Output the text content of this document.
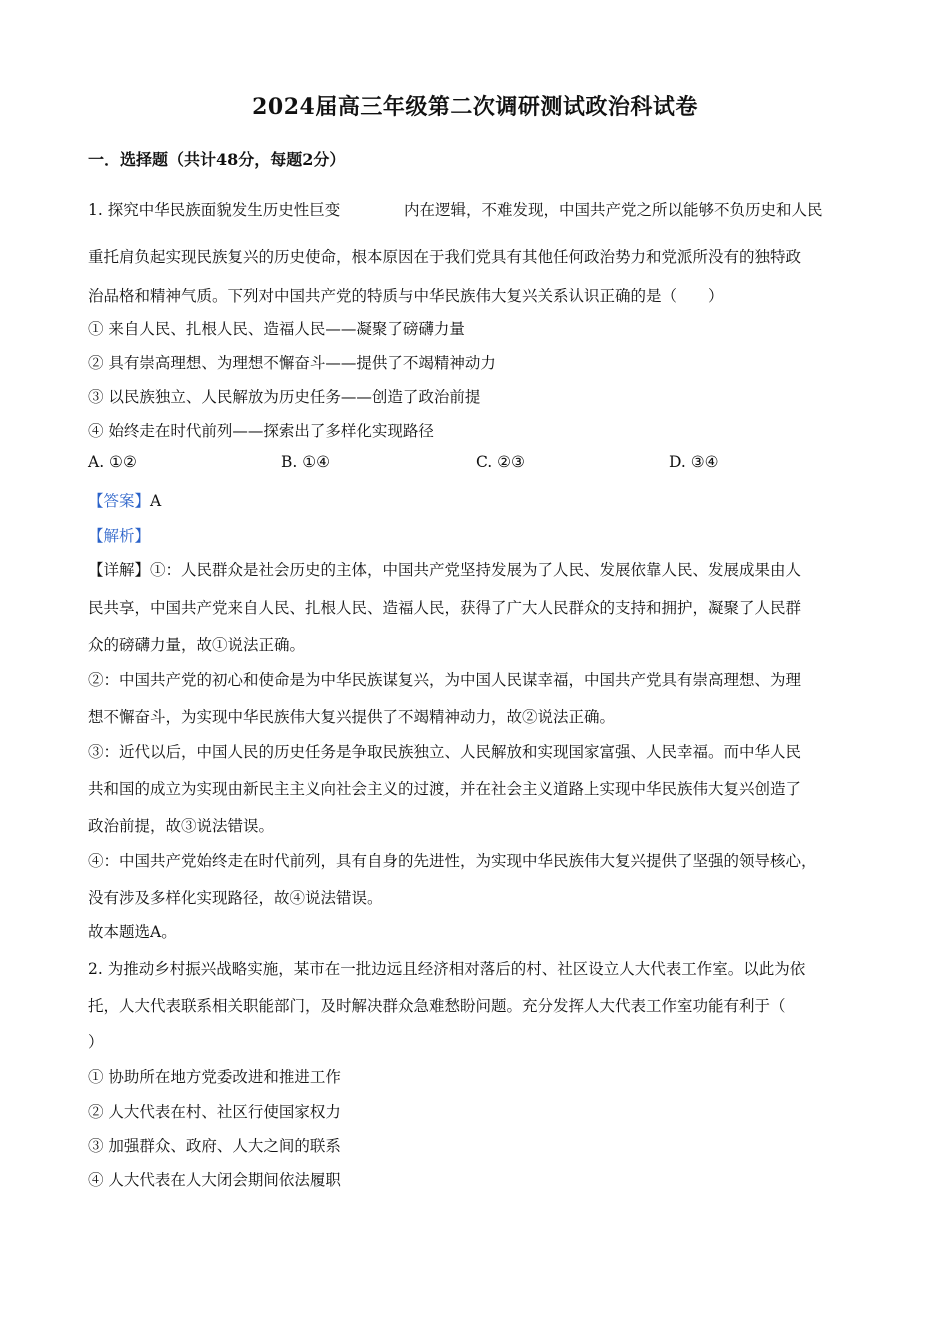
2024届高三年级第二次调研测试政治科试卷
一．选择题（共计48分，每题2分）
1. 探究中华民族面貌发生历史性巨变	内在逻辑，不难发现，中国共产党之所以能够不负历史和人民
重托肩负起实现民族复兴的历史使命，根本原因在于我们党具有其他任何政治势力和党派所没有的独特政
治品格和精神气质。下列对中国共产党的特质与中华民族伟大复兴关系认识正确的是（　　）
① 来自人民、扎根人民、造福人民——凝聚了磅礴力量
② 具有崇高理想、为理想不懈奋斗——提供了不竭精神动力
③ 以民族独立、人民解放为历史任务——创造了政治前提
④ 始终走在时代前列——探索出了多样化实现路径
A. ①②	B. ①④	C. ②③	D. ③④
【答案】A
【解析】
【详解】①：人民群众是社会历史的主体，中国共产党坚持发展为了人民、发展依靠人民、发展成果由人
民共享，中国共产党来自人民、扎根人民、造福人民，获得了广大人民群众的支持和拥护，凝聚了人民群
众的磅礴力量，故①说法正确。
②：中国共产党的初心和使命是为中华民族谋复兴，为中国人民谋幸福，中国共产党具有崇高理想、为理
想不懈奋斗，为实现中华民族伟大复兴提供了不竭精神动力，故②说法正确。
③：近代以后，中国人民的历史任务是争取民族独立、人民解放和实现国家富强、人民幸福。而中华人民
共和国的成立为实现由新民主主义向社会主义的过渡，并在社会主义道路上实现中华民族伟大复兴创造了
政治前提，故③说法错误。
④：中国共产党始终走在时代前列，具有自身的先进性，为实现中华民族伟大复兴提供了坚强的领导核心，
没有涉及多样化实现路径，故④说法错误。
故本题选A。
2. 为推动乡村振兴战略实施，某市在一批边远且经济相对落后的村、社区设立人大代表工作室。以此为依
托，人大代表联系相关职能部门，及时解决群众急难愁盼问题。充分发挥人大代表工作室功能有利于（
）
① 协助所在地方党委改进和推进工作
② 人大代表在村、社区行使国家权力
③ 加强群众、政府、人大之间的联系
④ 人大代表在人大闭会期间依法履职
